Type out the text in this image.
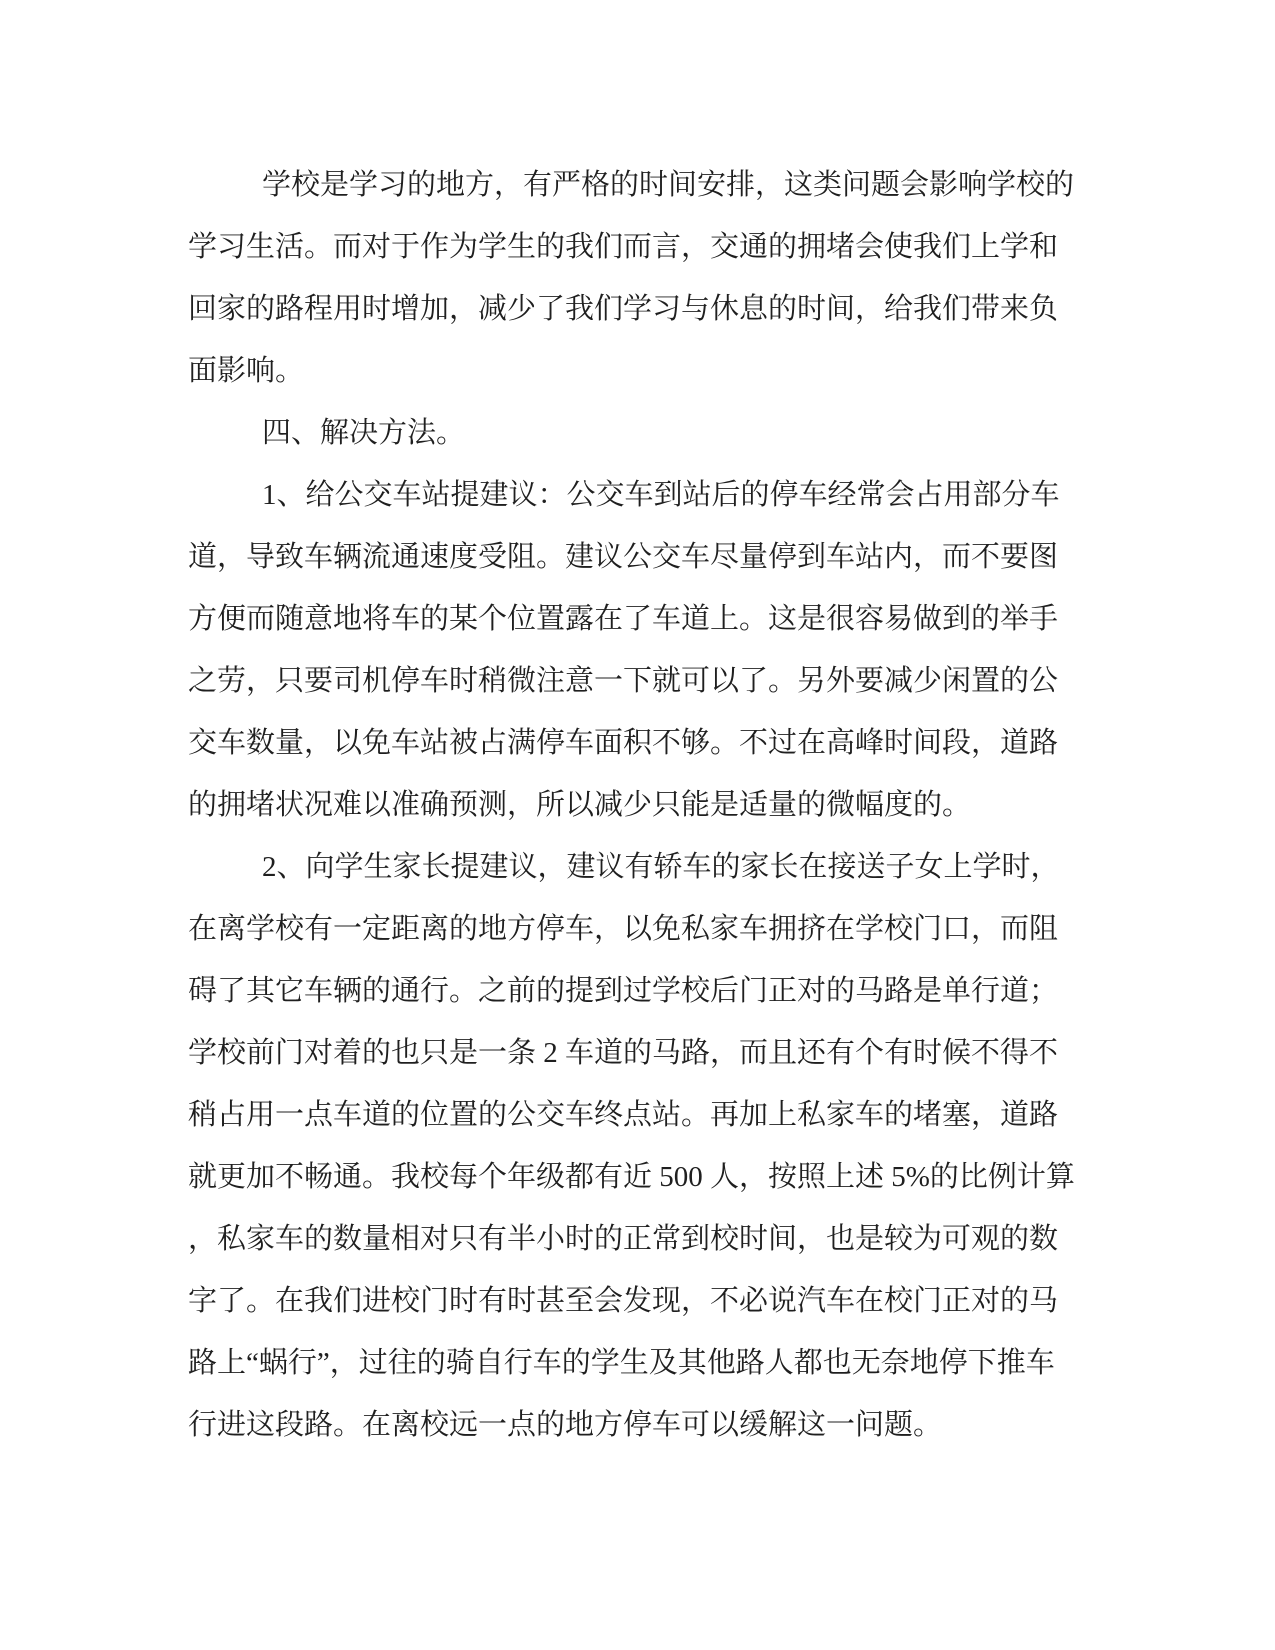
学校是学习的地方，有严格的时间安排，这类问题会影响学校的
学习生活。而对于作为学生的我们而言，交通的拥堵会使我们上学和
回家的路程用时增加，减少了我们学习与休息的时间，给我们带来负
面影响。
四、解决方法。
1、给公交车站提建议：公交车到站后的停车经常会占用部分车
道，导致车辆流通速度受阻。建议公交车尽量停到车站内，而不要图
方便而随意地将车的某个位置露在了车道上。这是很容易做到的举手
之劳，只要司机停车时稍微注意一下就可以了。另外要减少闲置的公
交车数量，以免车站被占满停车面积不够。不过在高峰时间段，道路
的拥堵状况难以准确预测，所以减少只能是适量的微幅度的。
2、向学生家长提建议，建议有轿车的家长在接送子女上学时，
在离学校有一定距离的地方停车，以免私家车拥挤在学校门口，而阻
碍了其它车辆的通行。之前的提到过学校后门正对的马路是单行道；
学校前门对着的也只是一条 2 车道的马路，而且还有个有时候不得不
稍占用一点车道的位置的公交车终点站。再加上私家车的堵塞，道路
就更加不畅通。我校每个年级都有近 500 人，按照上述 5%的比例计算
，私家车的数量相对只有半小时的正常到校时间，也是较为可观的数
字了。在我们进校门时有时甚至会发现，不必说汽车在校门正对的马
路上“蜗行”，过往的骑自行车的学生及其他路人都也无奈地停下推车
行进这段路。在离校远一点的地方停车可以缓解这一问题。
